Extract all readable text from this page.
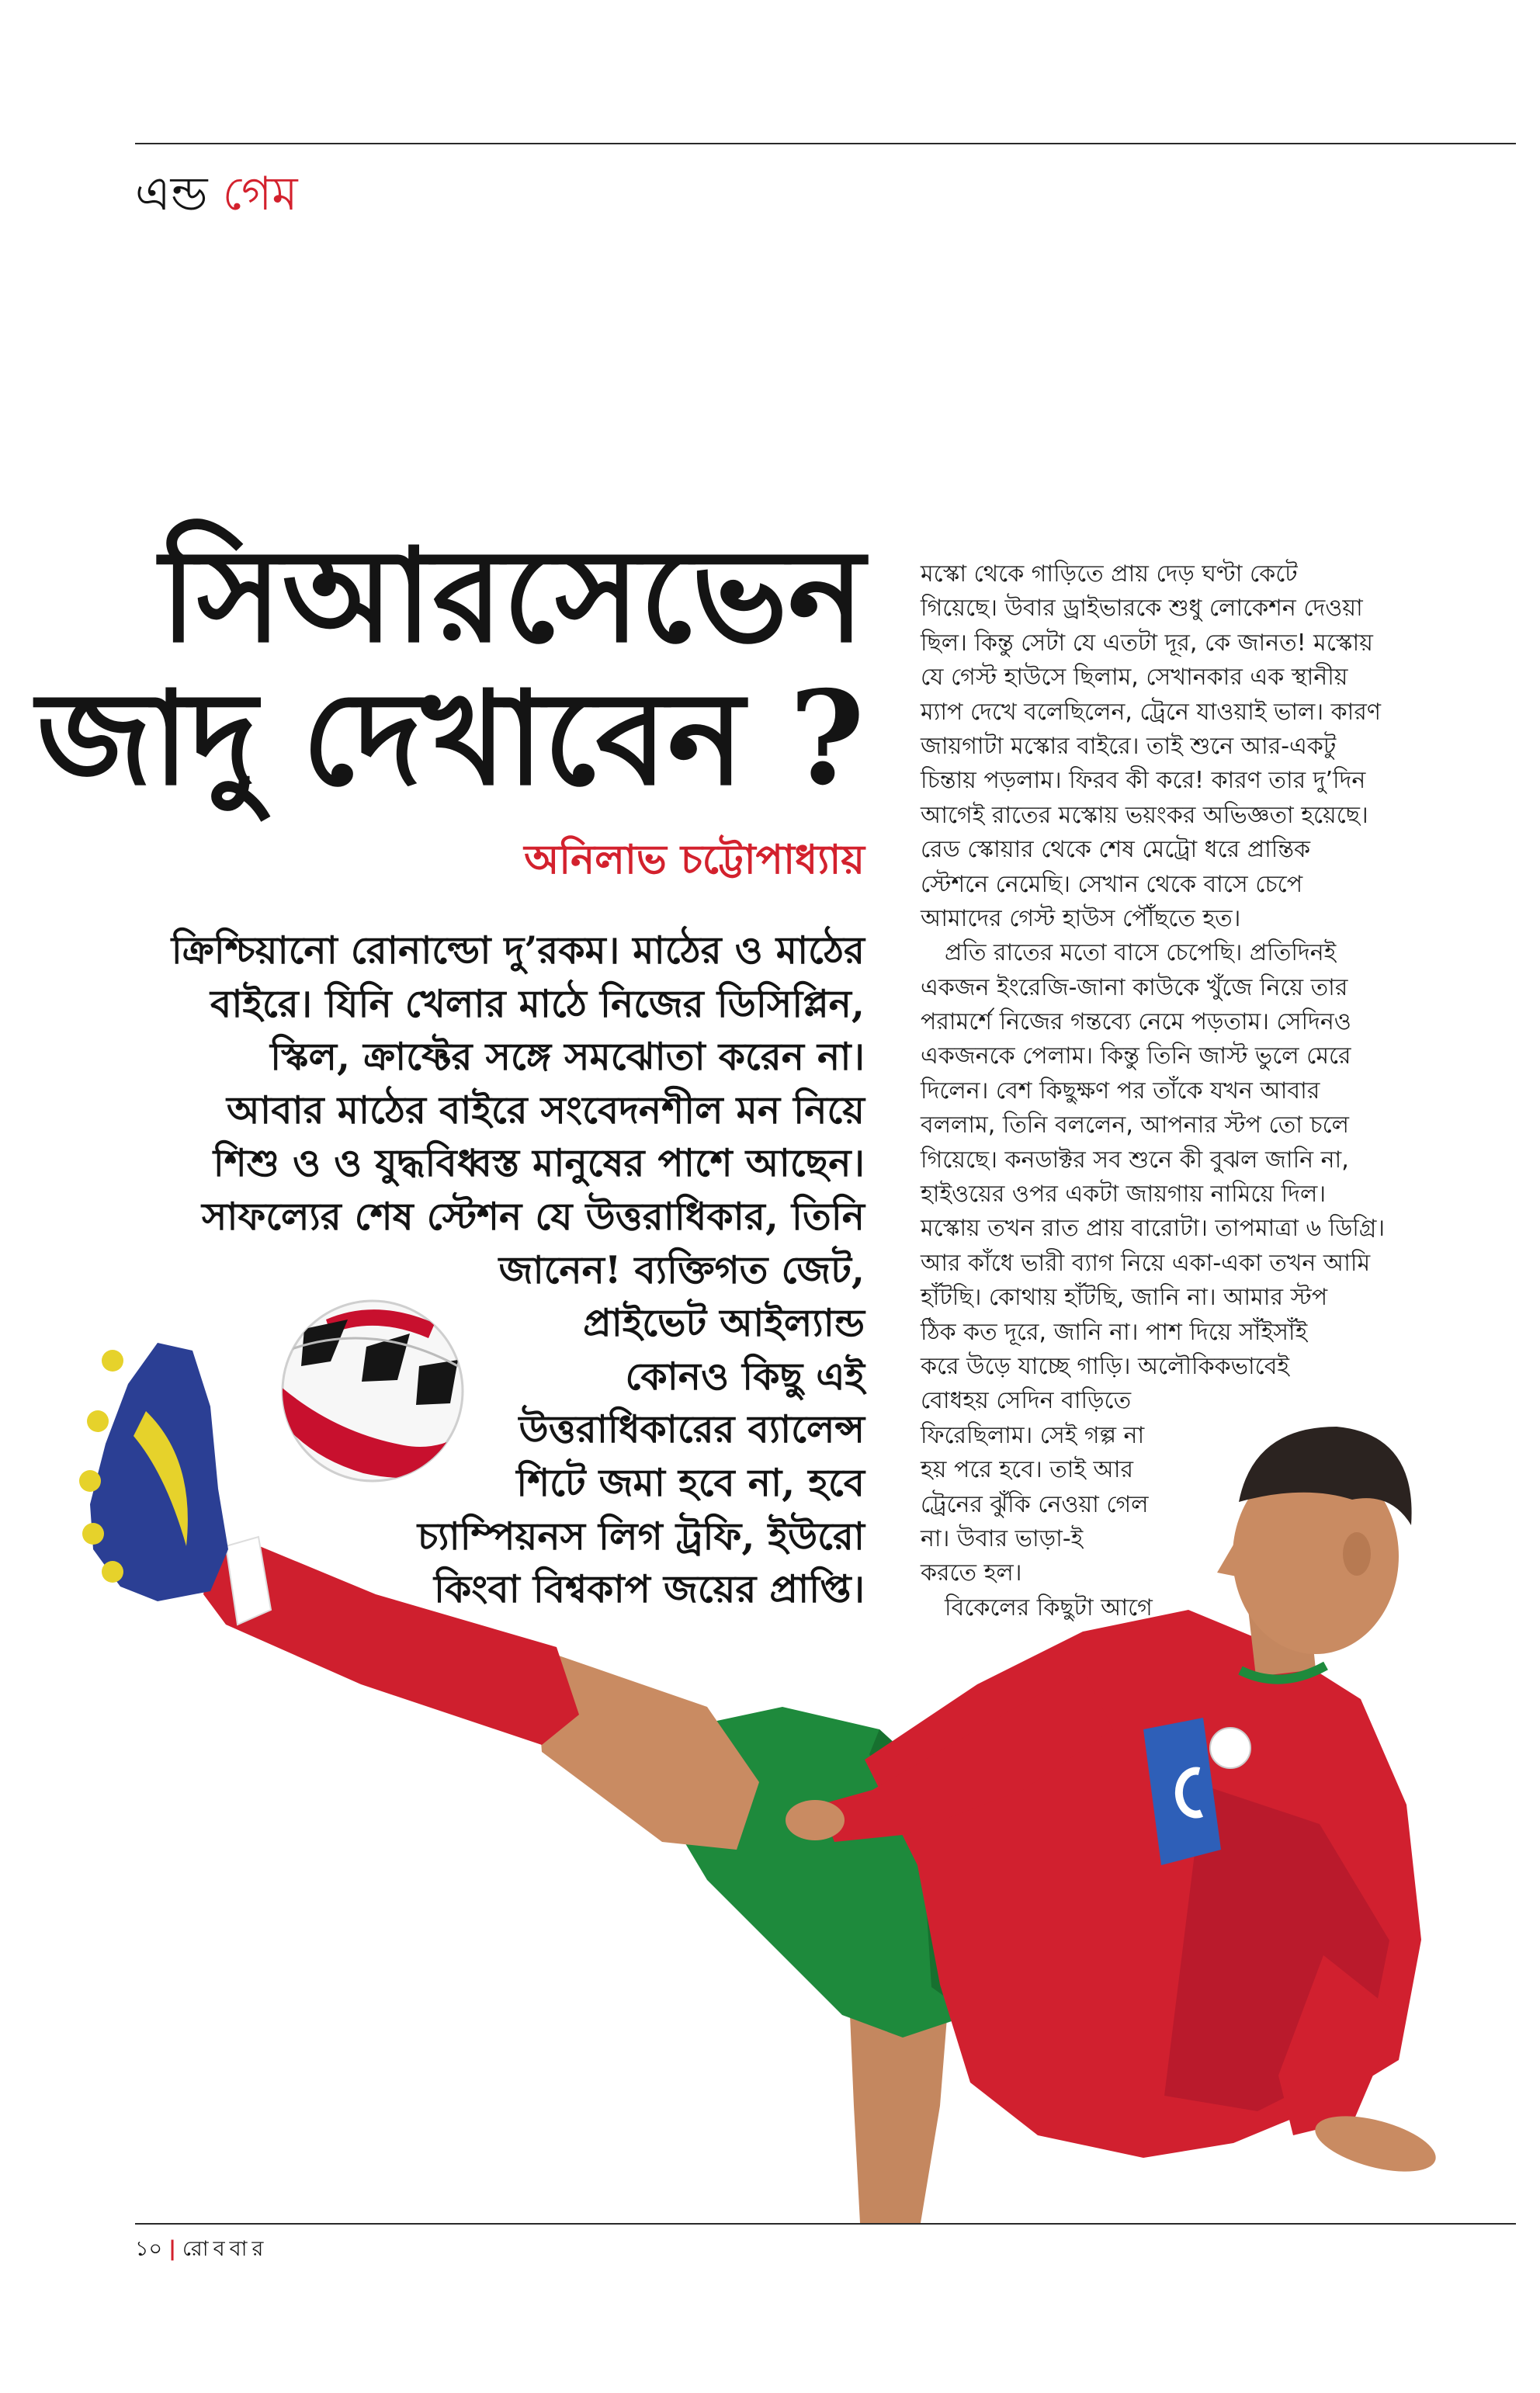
এন্ড গেম
সিআরসেভেন
জাদু দেখাবেন ?
অনিলাভ চট্টোপাধ্যায়
ক্রিশ্চিয়ানো রোনাল্ডো দু’রকম। মাঠের ও মাঠের
বাইরে। যিনি খেলার মাঠে নিজের ডিসিপ্লিন,
স্কিল, ক্রাফ্টের সঙ্গে সমঝোতা করেন না।
আবার মাঠের বাইরে সংবেদনশীল মন নিয়ে
শিশু ও ও যুদ্ধবিধ্বস্ত মানুষের পাশে আছেন।
সাফল্যের শেষ স্টেশন যে উত্তরাধিকার, তিনি
জানেন! ব্যক্তিগত জেট,
প্রাইভেট আইল্যান্ড
কোনও কিছু এই
উত্তরাধিকারের ব্যালেন্স
শিটে জমা হবে না, হবে
চ্যাম্পিয়নস লিগ ট্রফি, ইউরো
কিংবা বিশ্বকাপ জয়ের প্রাপ্তি।
মস্কো থেকে গাড়িতে প্রায় দেড় ঘণ্টা কেটে
গিয়েছে। উবার ড্রাইভারকে শুধু লোকেশন দেওয়া
ছিল। কিন্তু সেটা যে এতটা দূর, কে জানত! মস্কোয়
যে গেস্ট হাউসে ছিলাম, সেখানকার এক স্থানীয়
ম্যাপ দেখে বলেছিলেন, ট্রেনে যাওয়াই ভাল। কারণ
জায়গাটা মস্কোর বাইরে। তাই শুনে আর-একটু
চিন্তায় পড়লাম। ফিরব কী করে! কারণ তার দু’দিন
আগেই রাতের মস্কোয় ভয়ংকর অভিজ্ঞতা হয়েছে।
রেড স্কোয়ার থেকে শেষ মেট্রো ধরে প্রান্তিক
স্টেশনে নেমেছি। সেখান থেকে বাসে চেপে
আমাদের গেস্ট হাউস পৌঁছতে হত।
প্রতি রাতের মতো বাসে চেপেছি। প্রতিদিনই
একজন ইংরেজি-জানা কাউকে খুঁজে নিয়ে তার
পরামর্শে নিজের গন্তব্যে নেমে পড়তাম। সেদিনও
একজনকে পেলাম। কিন্তু তিনি জাস্ট ভুলে মেরে
দিলেন। বেশ কিছুক্ষণ পর তাঁকে যখন আবার
বললাম, তিনি বললেন, আপনার স্টপ তো চলে
গিয়েছে। কনডাক্টর সব শুনে কী বুঝল জানি না,
হাইওয়ের ওপর একটা জায়গায় নামিয়ে দিল।
মস্কোয় তখন রাত প্রায় বারোটা। তাপমাত্রা ৬ ডিগ্রি।
আর কাঁধে ভারী ব্যাগ নিয়ে একা-একা তখন আমি
হাঁটছি। কোথায় হাঁটছি, জানি না। আমার স্টপ
ঠিক কত দূরে, জানি না। পাশ দিয়ে সাঁইসাঁই
করে উড়ে যাচ্ছে গাড়ি। অলৌকিকভাবেই
বোধহয় সেদিন বাড়িতে
ফিরেছিলাম। সেই গল্প না
হয় পরে হবে। তাই আর
ট্রেনের ঝুঁকি নেওয়া গেল
না। উবার ভাড়া-ই
করতে হল।
বিকেলের কিছুটা আগে
১০ | রোববার
